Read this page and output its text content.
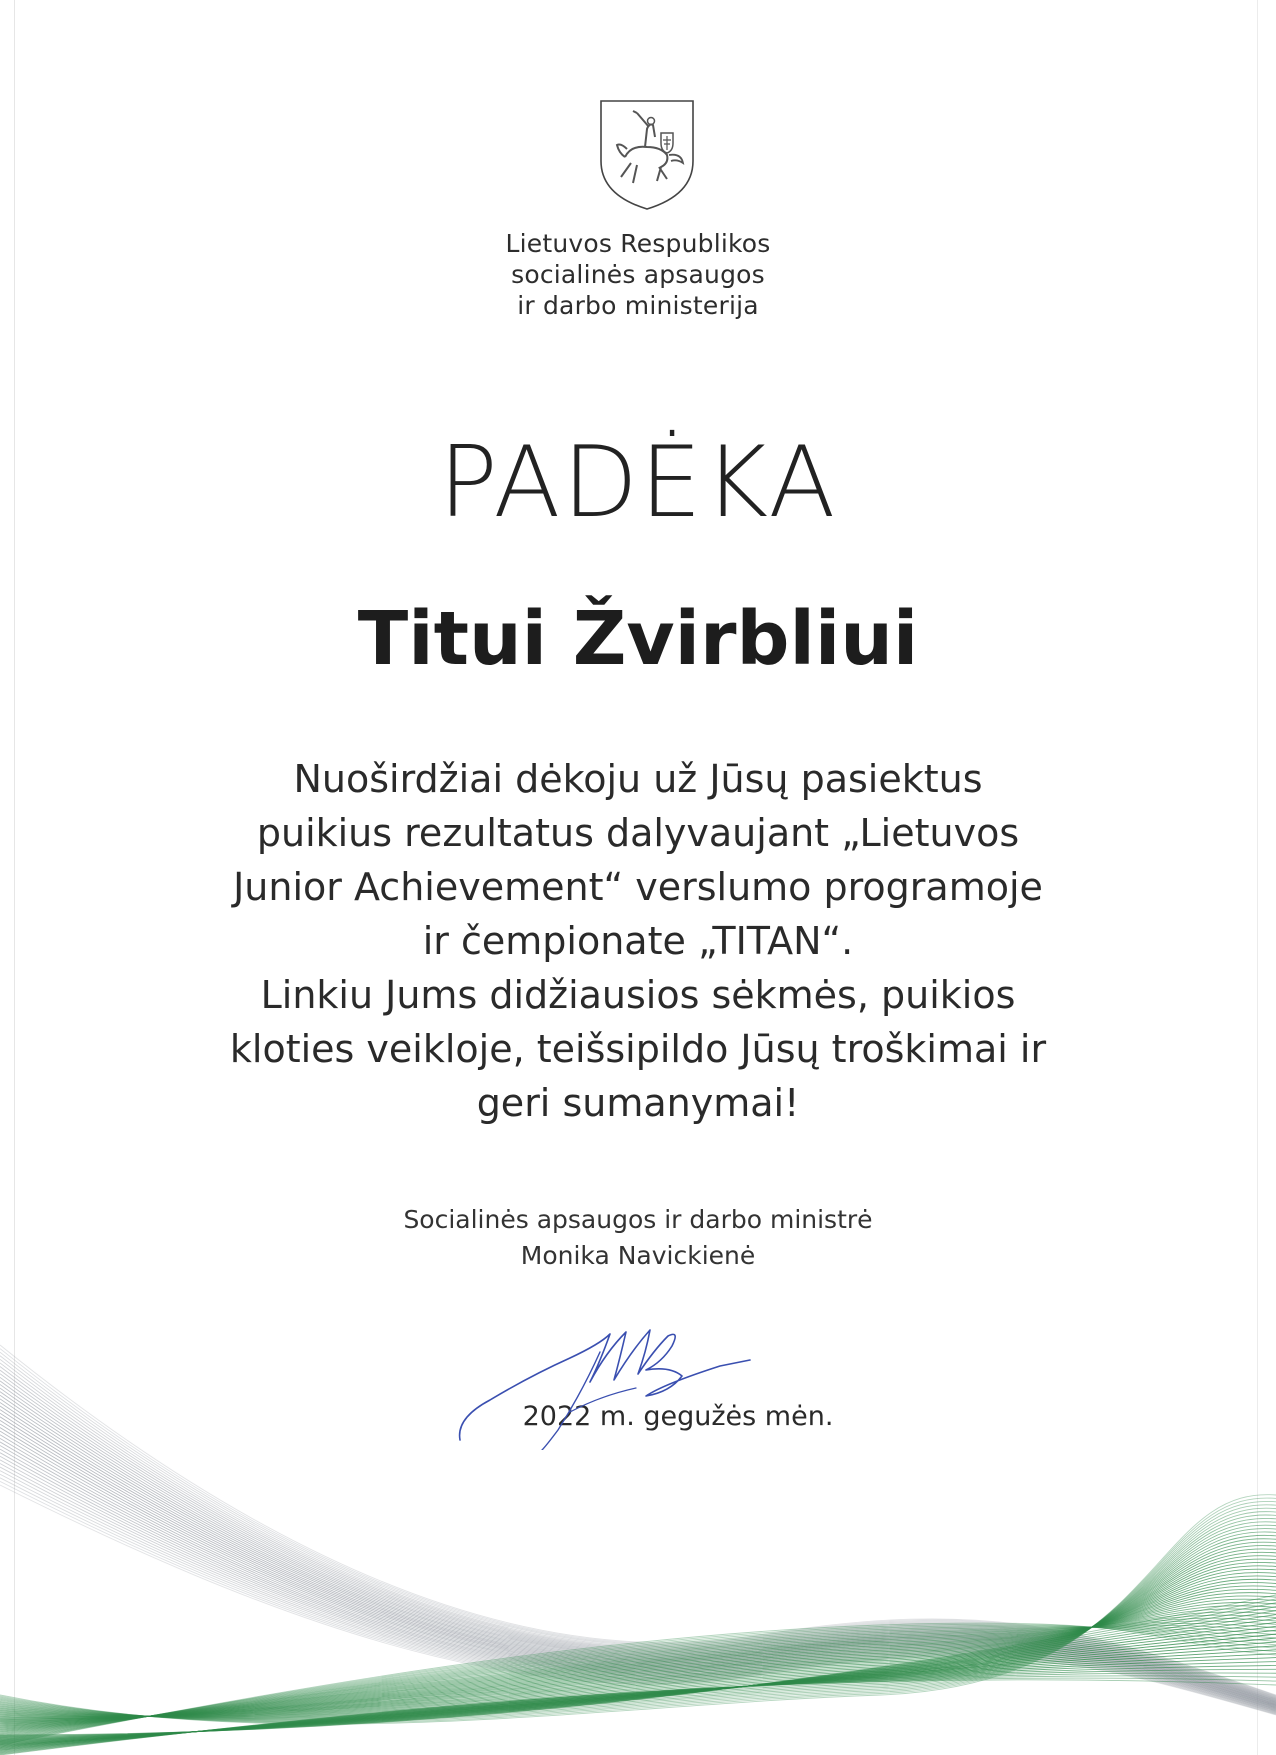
Lietuvos Respublikos
socialinės apsaugos
ir darbo ministerija
PADĖKA
Titui Žvirbliui
Nuoširdžiai dėkoju už Jūsų pasiektus
puikius rezultatus dalyvaujant „Lietuvos
Junior Achievement“ verslumo programoje
ir čempionate „TITAN“.
Linkiu Jums didžiausios sėkmės, puikios
kloties veikloje, teišsipildo Jūsų troškimai ir
geri sumanymai!
Socialinės apsaugos ir darbo ministrė
Monika Navickienė
2022 m. gegužės mėn.
